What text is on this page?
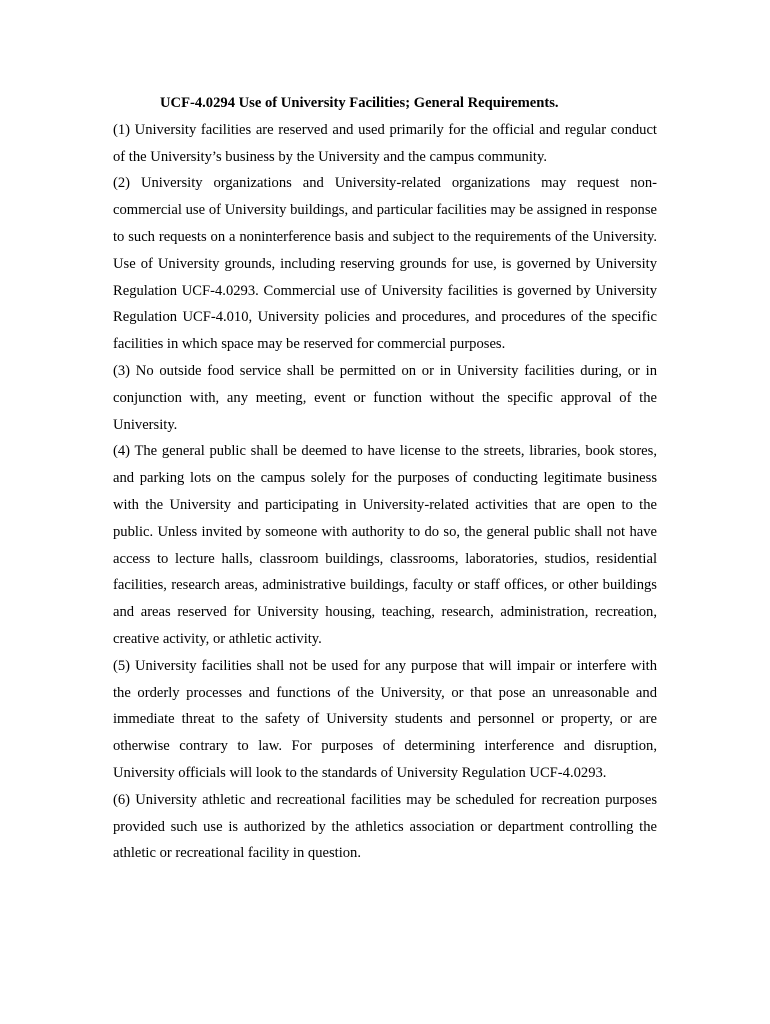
UCF-4.0294 Use of University Facilities; General Requirements.

(1) University facilities are reserved and used primarily for the official and regular conduct of the University’s business by the University and the campus community.

(2) University organizations and University-related organizations may request non-commercial use of University buildings, and particular facilities may be assigned in response to such requests on a noninterference basis and subject to the requirements of the University. Use of University grounds, including reserving grounds for use, is governed by University Regulation UCF-4.0293. Commercial use of University facilities is governed by University Regulation UCF-4.010, University policies and procedures, and procedures of the specific facilities in which space may be reserved for commercial purposes.

(3) No outside food service shall be permitted on or in University facilities during, or in conjunction with, any meeting, event or function without the specific approval of the University.

(4) The general public shall be deemed to have license to the streets, libraries, book stores, and parking lots on the campus solely for the purposes of conducting legitimate business with the University and participating in University-related activities that are open to the public. Unless invited by someone with authority to do so, the general public shall not have access to lecture halls, classroom buildings, classrooms, laboratories, studios, residential facilities, research areas, administrative buildings, faculty or staff offices, or other buildings and areas reserved for University housing, teaching, research, administration, recreation, creative activity, or athletic activity.

(5) University facilities shall not be used for any purpose that will impair or interfere with the orderly processes and functions of the University, or that pose an unreasonable and immediate threat to the safety of University students and personnel or property, or are otherwise contrary to law. For purposes of determining interference and disruption, University officials will look to the standards of University Regulation UCF-4.0293.

(6) University athletic and recreational facilities may be scheduled for recreation purposes provided such use is authorized by the athletics association or department controlling the athletic or recreational facility in question.
